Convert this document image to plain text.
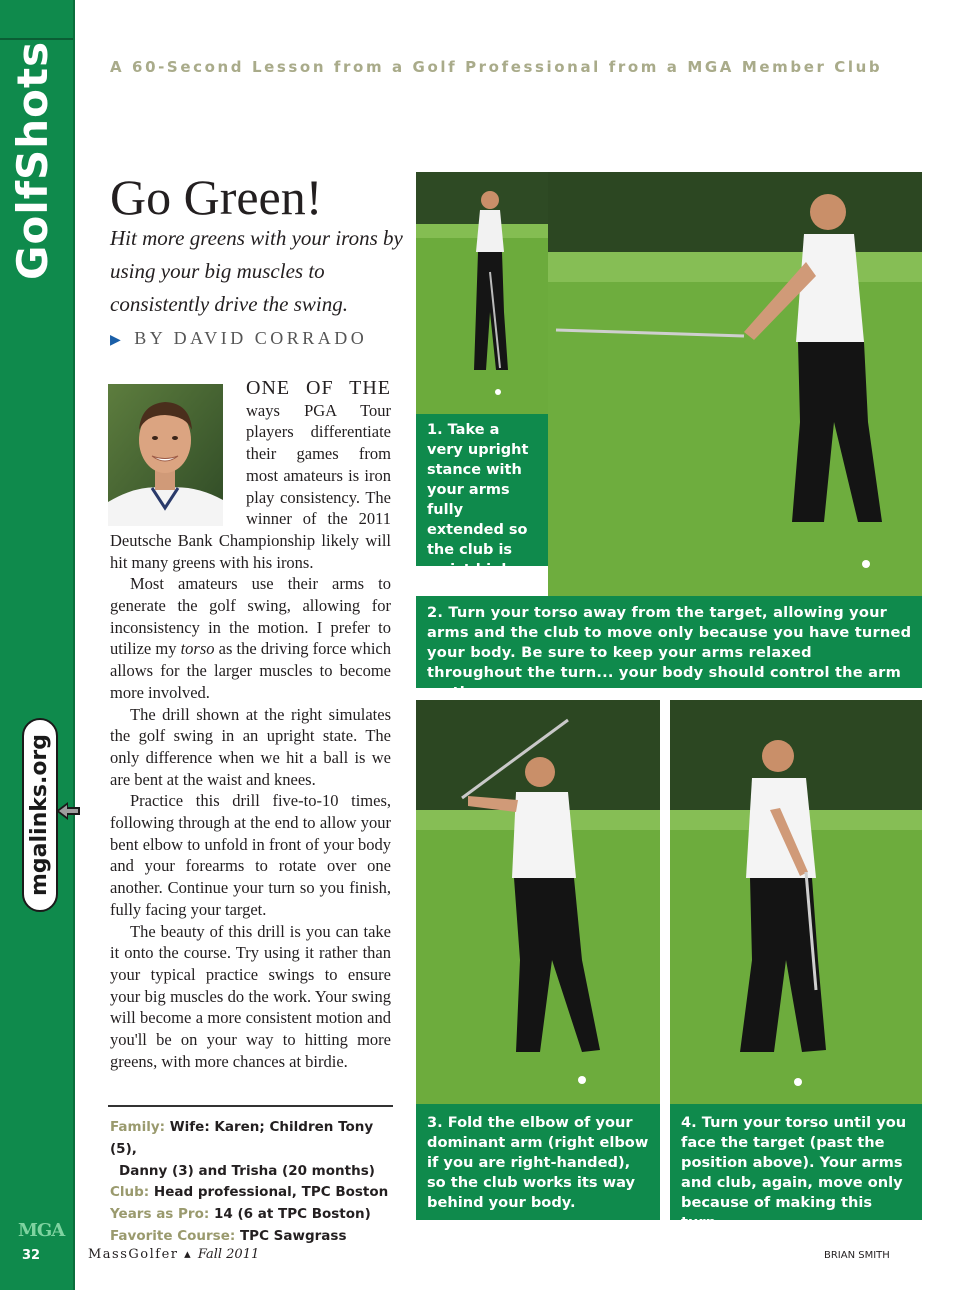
GolfShots
mgalinks.org
MGA
32
A 60-Second Lesson from a Golf Professional from a MGA Member Club
Go Green!
Hit more greens with your irons by using your big muscles to consistently drive the swing.
▶ BY DAVID CORRADO

ONE OF THE ways PGA Tour players differentiate their games from most amateurs is iron play consistency. The winner of the 2011 Deutsche Bank Championship likely will hit many greens with his irons.

Most amateurs use their arms to generate the golf swing, allowing for inconsistency in the motion. I prefer to utilize my torso as the driving force which allows for the larger muscles to become more involved.

The drill shown at the right simulates the golf swing in an upright state. The only difference when we hit a ball is we are bent at the waist and knees.

Practice this drill five-to-10 times, following through at the end to allow your bent elbow to unfold in front of your body and your forearms to rotate over one another. Continue your turn so you finish, fully facing your target.

The beauty of this drill is you can take it onto the course. Try using it rather than your typical practice swings to ensure your big muscles do the work. Your swing will become a more consistent motion and you'll be on your way to hitting more greens, with more chances at birdie.

Family: Wife: Karen; Children Tony (5),
Danny (3) and Trisha (20 months)
Club: Head professional, TPC Boston
Years as Pro: 14 (6 at TPC Boston)
Favorite Course: TPC Sawgrass
MassGolfer ▴ Fall 2011	BRIAN SMITH
1. Take a very upright stance with your arms fully extended so the club is waist high.
2. Turn your torso away from the target, allowing your arms and the club to move only because you have turned your body. Be sure to keep your arms relaxed throughout the turn... your body should control the arm motion.
3. Fold the elbow of your dominant arm (right elbow if you are right-handed), so the club works its way behind your body.
4. Turn your torso until you face the target (past the position above). Your arms and club, again, move only because of making this turn.
